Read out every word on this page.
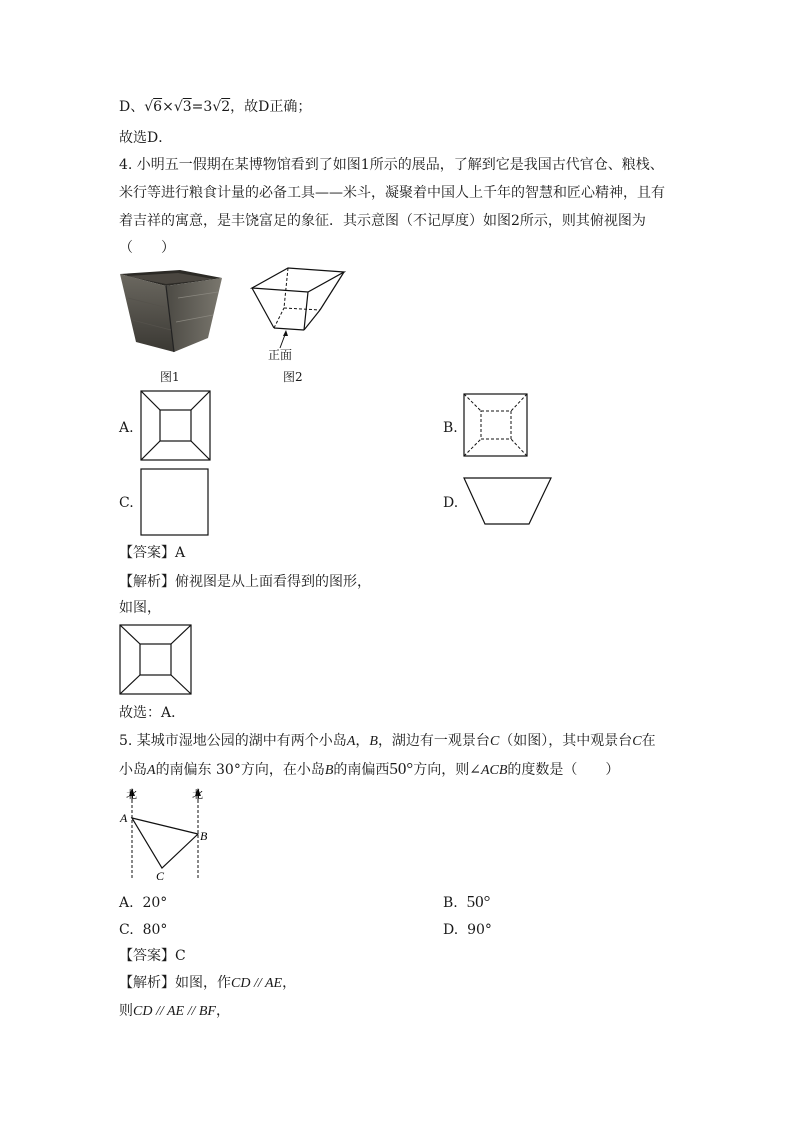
D、√6×√3=3√2，故D正确；
故选D．
4. 小明五一假期在某博物馆看到了如图1所示的展品，了解到它是我国古代官仓、粮栈、
米行等进行粮食计量的必备工具——米斗，凝聚着中国人上千年的智慧和匠心精神，且有
着吉祥的寓意，是丰饶富足的象征．其示意图（不记厚度）如图2所示，则其俯视图为
（　　）
图1
正面
图2
A.	B.
C.	D.
【答案】A
【解析】俯视图是从上面看得到的图形，
如图，
故选：A．
5. 某城市湿地公园的湖中有两个小岛A，B，湖边有一观景台C（如图），其中观景台C在
小岛A的南偏东 30°方向，在小岛B的南偏西50°方向，则∠ACB的度数是（　　）
北	北
A
B
C
A. 20°	B. 50°
C. 80°	D. 90°
【答案】C
【解析】如图，作CD // AE，
则CD // AE // BF，
